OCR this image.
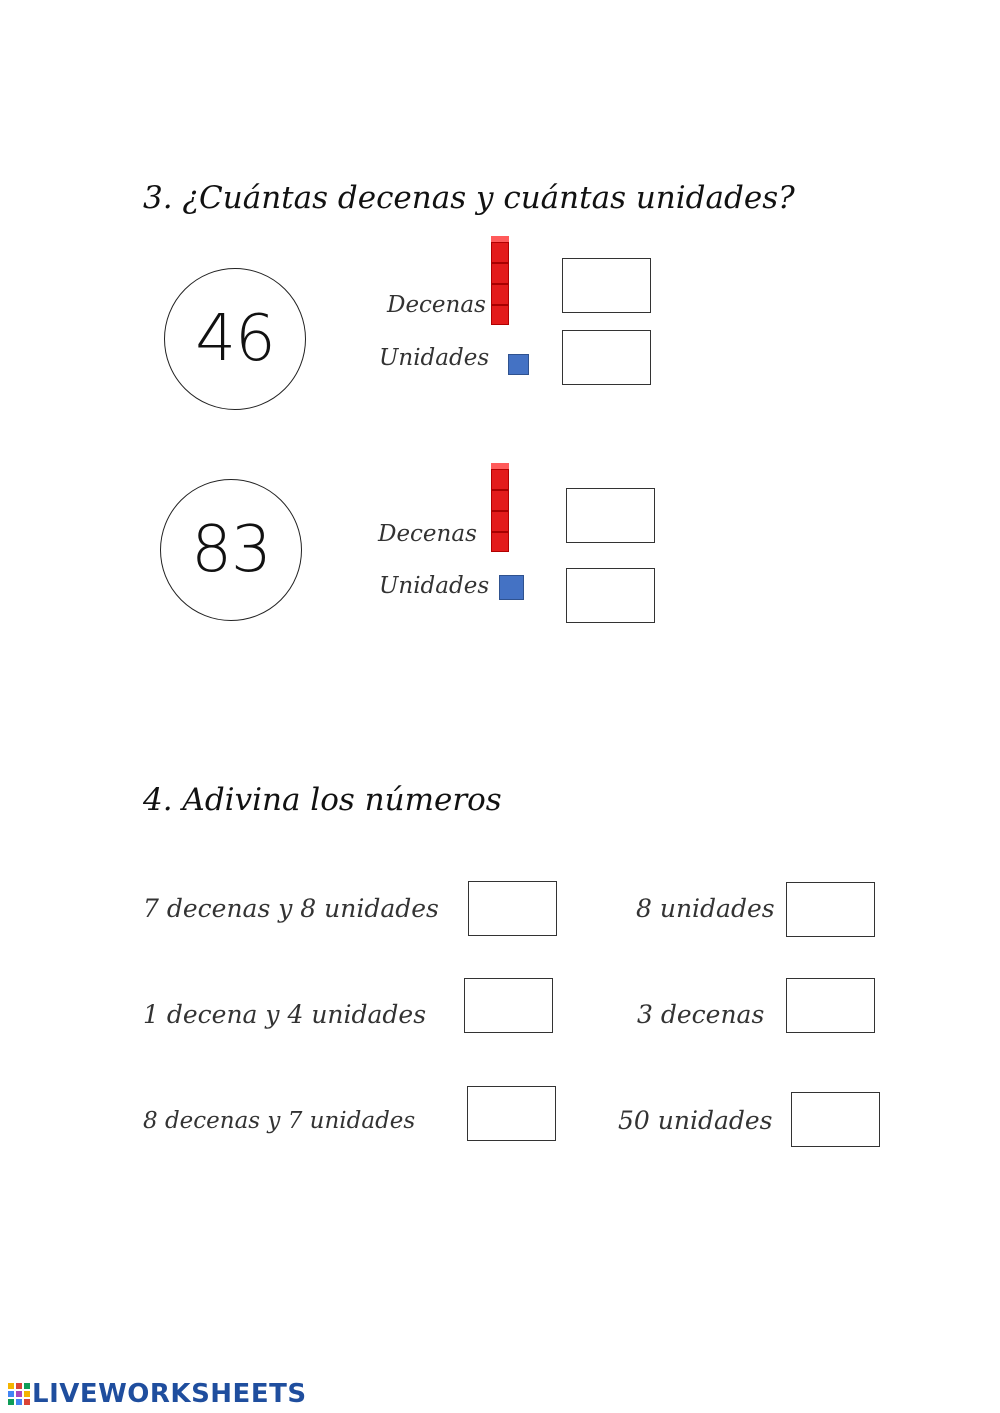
3. ¿Cuántas decenas y cuántas unidades?
46	Decenas
Unidades
83	Decenas
Unidades
4. Adivina los números
7 decenas y 8 unidades
1 decena y 4 unidades
8 decenas y 7 unidades
8 unidades
3 decenas
50 unidades
LIVEWORKSHEETS
